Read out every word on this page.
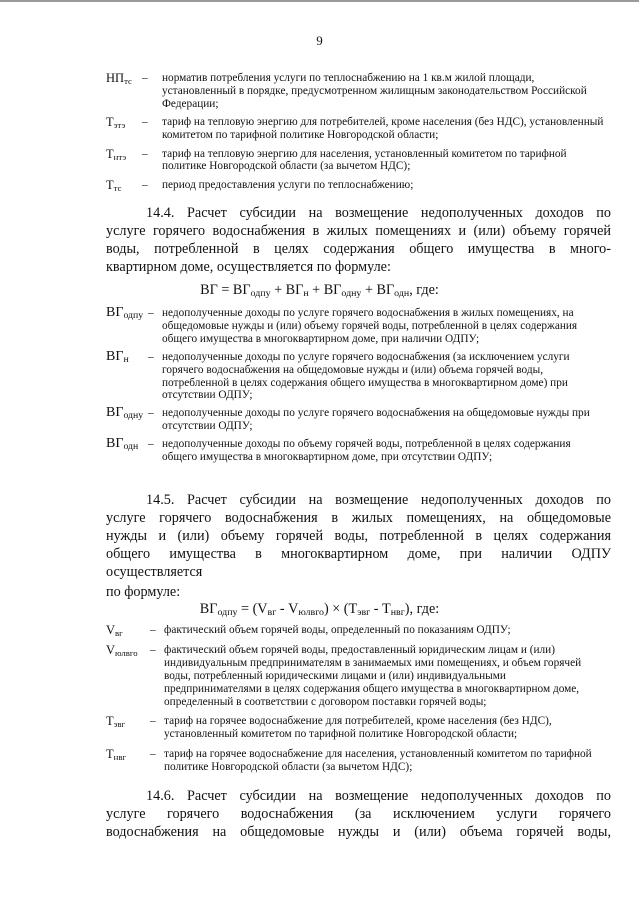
9
$НП_{тс}$ –	норматив потребления услуги по теплоснабжению на 1 кв.м жилой площади, установленный в порядке, предусмотренном жилищным законодательством Российской Федерации;
$Т_{этэ}$	–	тариф на тепловую энергию для потребителей, кроме населения (без НДС), установленный комитетом по тарифной политике Новгородской области;
$Т_{нтэ}$	–	тариф на тепловую энергию для населения, установленный комитетом по тарифной политике Новгородской области (за вычетом НДС);
$Т_{тс}$	–	период предоставления услуги по теплоснабжению;
14.4. Расчет субсидии на возмещение недополученных доходов по
услуге горячего водоснабжения в жилых помещениях и (или) объему горячей
воды, потребленной в целях содержания общего имущества в много-
квартирном доме, осуществляется по формуле:
ВГ = $ВГ_{одпу} + ВГ_н + ВГ_{одну} + ВГ_{одн}$, где:
$ВГ_{одпу}$ – недополученные доходы по услуге горячего водоснабжения в жилых помещениях, на общедомовые нужды и (или) объему горячей воды, потребленной в целях содержания общего имущества в многоквартирном доме, при наличии ОДПУ;
$ВГ_н$	– недополученные доходы по услуге горячего водоснабжения (за исключением услуги горячего водоснабжения на общедомовые нужды и (или) объема горячей воды, потребленной в целях содержания общего имущества в многоквартирном доме) при отсутствии ОДПУ;
$ВГ_{одну}$ – недополученные доходы по услуге горячего водоснабжения на общедомовые нужды при отсутствии ОДПУ;
$ВГ_{одн}$ – недополученные доходы по объему горячей воды, потребленной в целях содержания общего имущества в многоквартирном доме, при отсутствии ОДПУ;
14.5. Расчет субсидии на возмещение недополученных доходов по
услуге горячего водоснабжения в жилых помещениях, на общедомовые
нужды и (или) объему горячей воды, потребленной в целях содержания
общего имущества в многоквартирном доме, при наличии ОДПУ
осуществляется
по формуле:
$ВГ_{одпу} = (V_{вг} - V_{юлвго}) \times (Т_{эвг} - Т_{нвг})$, где:
$V_{вг}$	– фактический объем горячей воды, определенный по показаниям ОДПУ;
$V_{юлвго}$	– фактический объем горячей воды, предоставленный юридическим лицам и (или) индивидуальным предпринимателям в занимаемых ими помещениях, и объем горячей воды, потребленный юридическими лицами и (или) индивидуальными предпринимателями в целях содержания общего имущества в многоквартирном доме, определенный в соответствии с договором поставки горячей воды;
$Т_{эвг}$	– тариф на горячее водоснабжение для потребителей, кроме населения (без НДС), установленный комитетом по тарифной политике Новгородской области;
$Т_{нвг}$	– тариф на горячее водоснабжение для населения, установленный комитетом по тарифной политике Новгородской области (за вычетом НДС);
14.6. Расчет субсидии на возмещение недополученных доходов по
услуге горячего водоснабжения (за исключением услуги горячего
водоснабжения на общедомовые нужды и (или) объема горячей воды,
